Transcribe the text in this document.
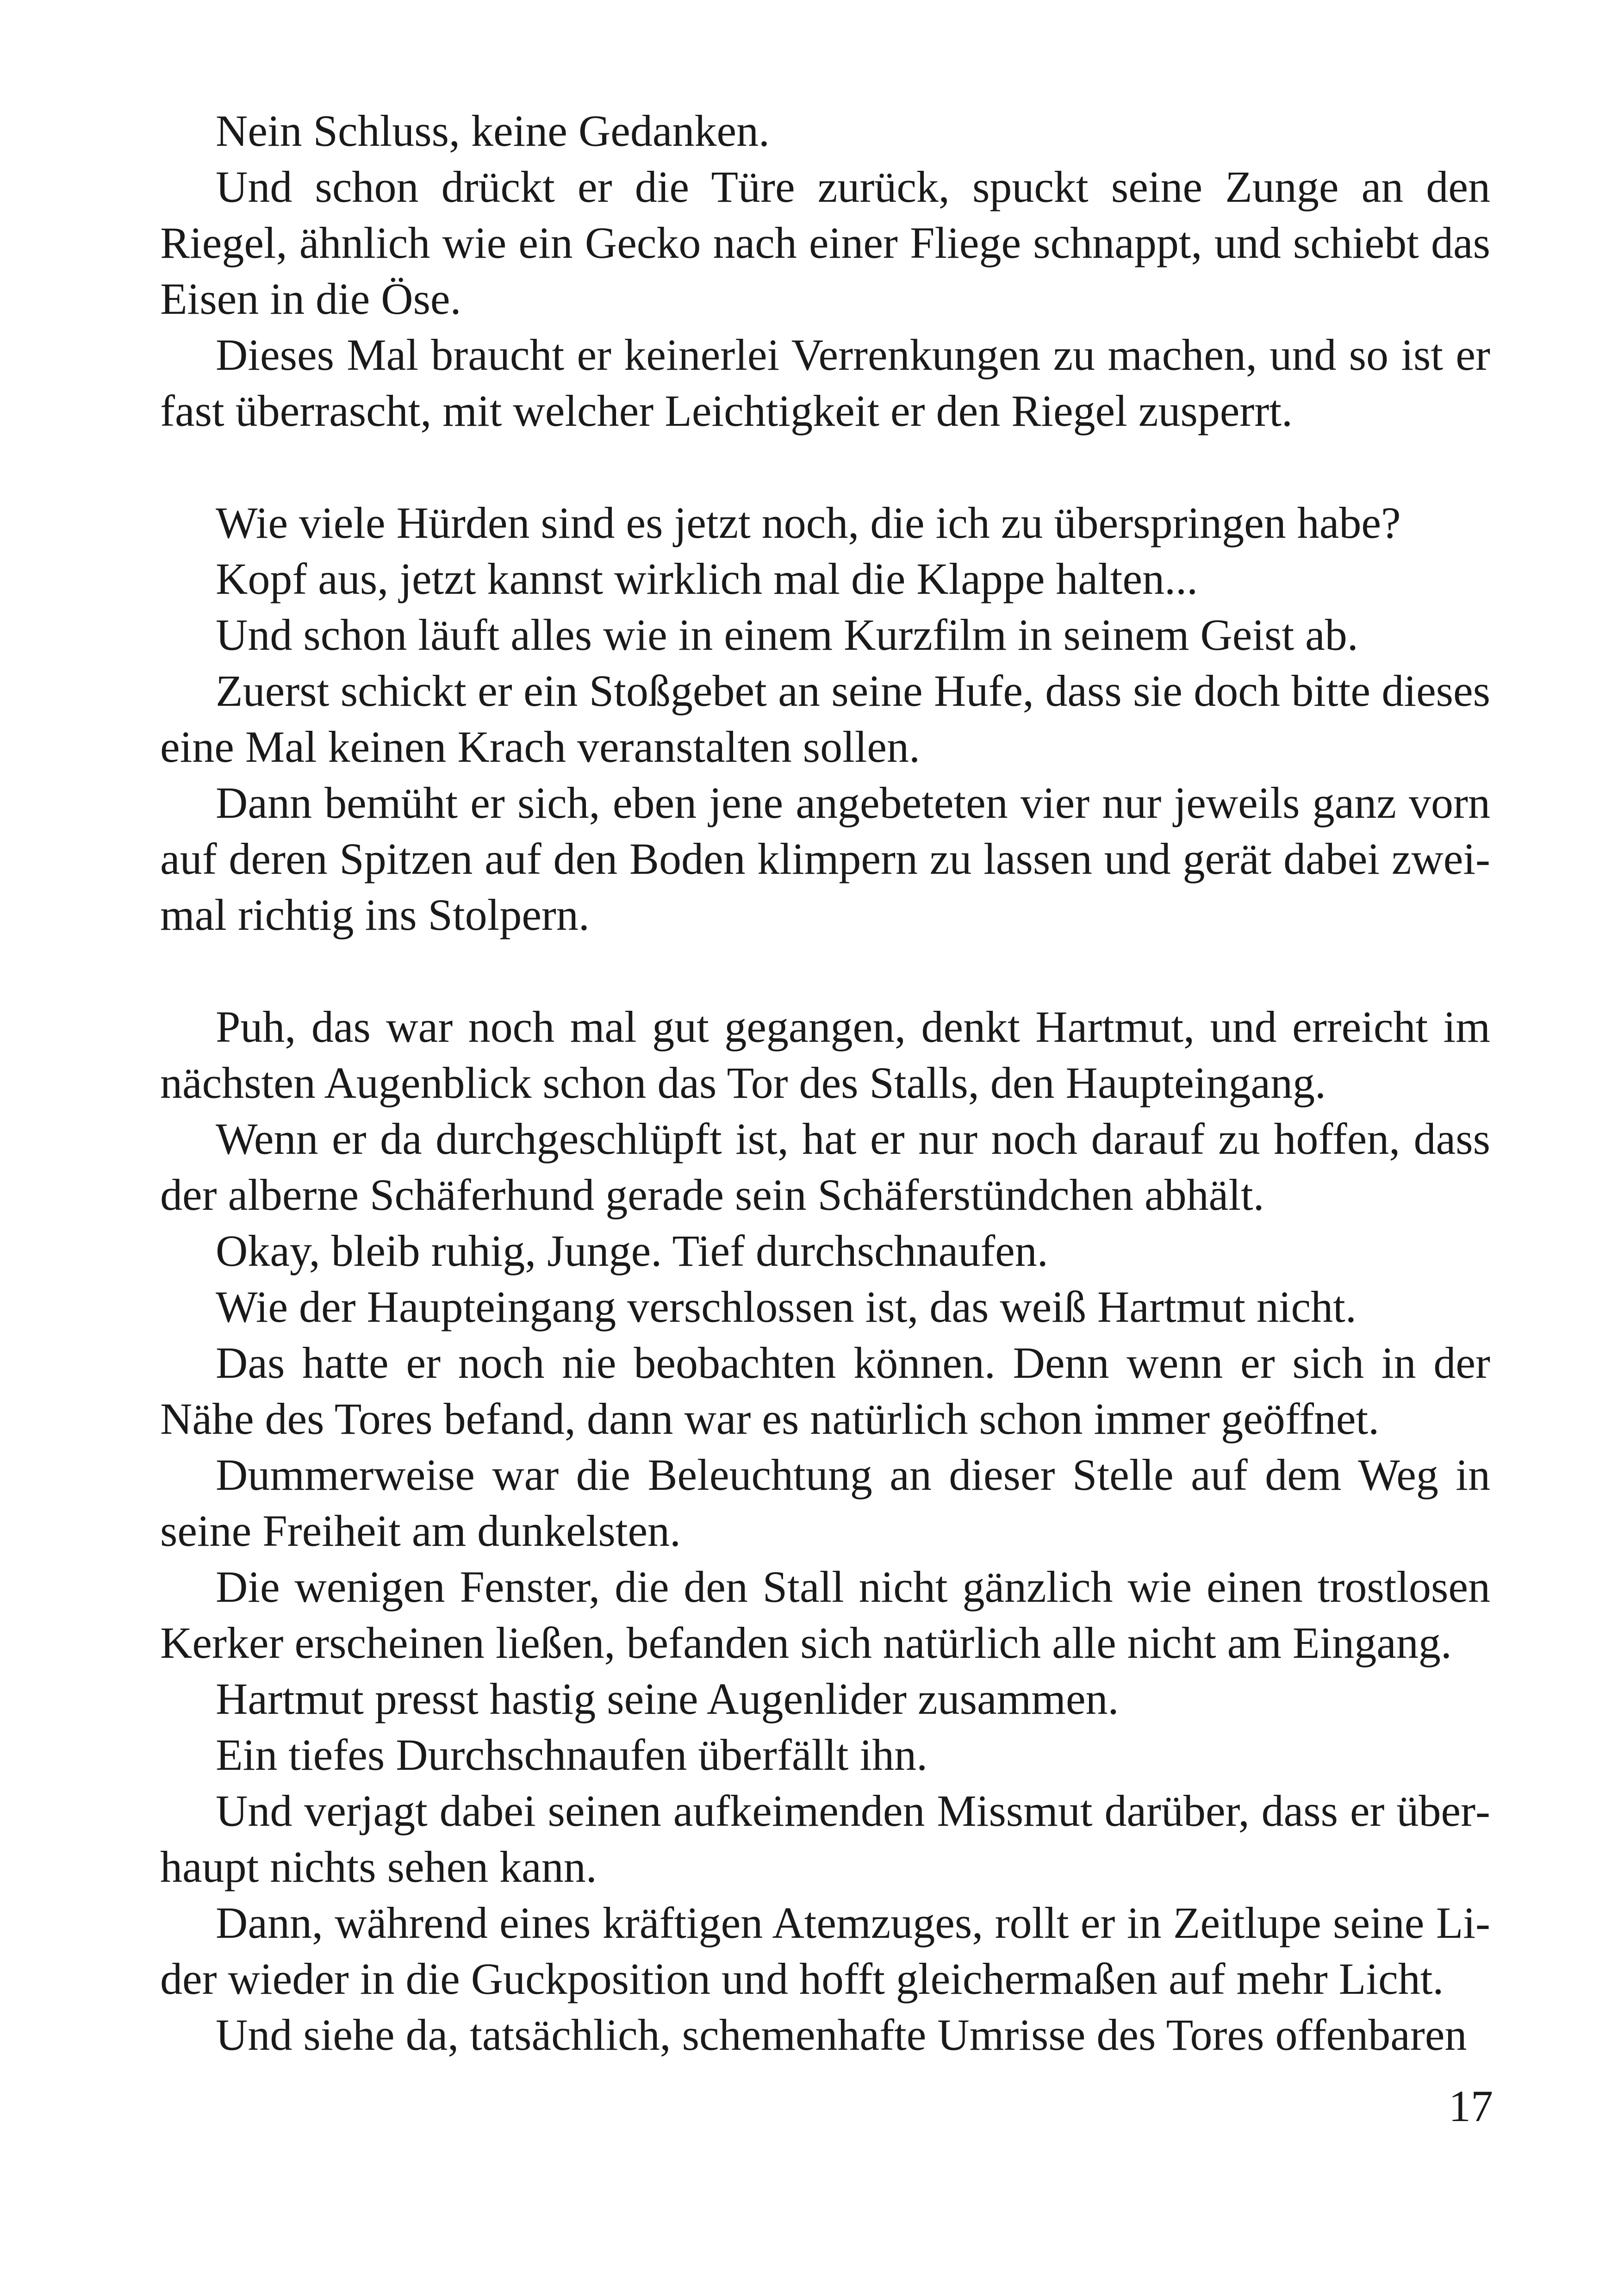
Nein Schluss, keine Gedanken.

Und schon drückt er die Türe zurück, spuckt seine Zunge an den Riegel, ähnlich wie ein Gecko nach einer Fliege schnappt, und schiebt das Eisen in die Öse.

Dieses Mal braucht er keinerlei Verrenkungen zu machen, und so ist er fast überrascht, mit welcher Leichtigkeit er den Riegel zusperrt.

Wie viele Hürden sind es jetzt noch, die ich zu überspringen habe?

Kopf aus, jetzt kannst wirklich mal die Klappe halten...

Und schon läuft alles wie in einem Kurzfilm in seinem Geist ab.

Zuerst schickt er ein Stoßgebet an seine Hufe, dass sie doch bitte dieses eine Mal keinen Krach veranstalten sollen.

Dann bemüht er sich, eben jene angebeteten vier nur jeweils ganz vorn auf deren Spitzen auf den Boden klimpern zu lassen und gerät dabei zweimal richtig ins Stolpern.

Puh, das war noch mal gut gegangen, denkt Hartmut, und erreicht im nächsten Augenblick schon das Tor des Stalls, den Haupteingang.

Wenn er da durchgeschlüpft ist, hat er nur noch darauf zu hoffen, dass der alberne Schäferhund gerade sein Schäferstündchen abhält.

Okay, bleib ruhig, Junge. Tief durchschnaufen.

Wie der Haupteingang verschlossen ist, das weiß Hartmut nicht.

Das hatte er noch nie beobachten können. Denn wenn er sich in der Nähe des Tores befand, dann war es natürlich schon immer geöffnet.

Dummerweise war die Beleuchtung an dieser Stelle auf dem Weg in seine Freiheit am dunkelsten.

Die wenigen Fenster, die den Stall nicht gänzlich wie einen trostlosen Kerker erscheinen ließen, befanden sich natürlich alle nicht am Eingang.

Hartmut presst hastig seine Augenlider zusammen.

Ein tiefes Durchschnaufen überfällt ihn.

Und verjagt dabei seinen aufkeimenden Missmut darüber, dass er überhaupt nichts sehen kann.

Dann, während eines kräftigen Atemzuges, rollt er in Zeitlupe seine Lider wieder in die Guckposition und hofft gleichermaßen auf mehr Licht.

Und siehe da, tatsächlich, schemenhafte Umrisse des Tores offenbaren

17
